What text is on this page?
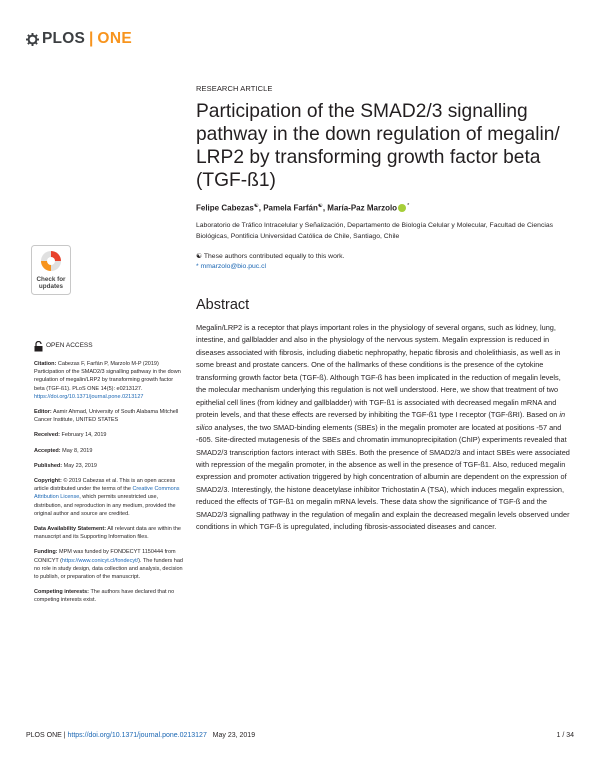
PLOS | ONE
RESEARCH ARTICLE
Participation of the SMAD2/3 signalling pathway in the down regulation of megalin/ LRP2 by transforming growth factor beta (TGF-ß1)
Felipe Cabezas☯, Pamela Farfán☯, María-Paz Marzolo *
Laboratorio de Tráfico Intracelular y Señalización, Departamento de Biología Celular y Molecular, Facultad de Ciencias Biológicas, Pontificia Universidad Católica de Chile, Santiago, Chile
☯ These authors contributed equally to this work.
* mmarzolo@bio.puc.cl
Abstract
Megalin/LRP2 is a receptor that plays important roles in the physiology of several organs, such as kidney, lung, intestine, and gallbladder and also in the physiology of the nervous system. Megalin expression is reduced in diseases associated with fibrosis, including diabetic nephropathy, hepatic fibrosis and cholelithiasis, as well as in some breast and prostate cancers. One of the hallmarks of these conditions is the presence of the cytokine transforming growth factor beta (TGF-ß). Although TGF-ß has been implicated in the reduction of megalin levels, the molecular mechanism underlying this regulation is not well understood. Here, we show that treatment of two epithelial cell lines (from kidney and gallbladder) with TGF-ß1 is associated with decreased megalin mRNA and protein levels, and that these effects are reversed by inhibiting the TGF-ß1 type I receptor (TGF-ßRI). Based on in silico analyses, the two SMAD-binding elements (SBEs) in the megalin promoter are located at positions -57 and -605. Site-directed mutagenesis of the SBEs and chromatin immunoprecipitation (ChIP) experiments revealed that SMAD2/3 transcription factors interact with SBEs. Both the presence of SMAD2/3 and intact SBEs were associated with repression of the megalin promoter, in the absence as well in the presence of TGF-ß1. Also, reduced megalin expression and promoter activation triggered by high concentration of albumin are dependent on the expression of SMAD2/3. Interestingly, the histone deacetylase inhibitor Trichostatin A (TSA), which induces megalin expression, reduced the effects of TGF-ß1 on megalin mRNA levels. These data show the significance of TGF-ß and the SMAD2/3 signalling pathway in the regulation of megalin and explain the decreased megalin levels observed under conditions in which TGF-ß is upregulated, including fibrosis-associated diseases and cancer.
Check for
updates
OPEN ACCESS
Citation: Cabezas F, Farfán P, Marzolo M-P (2019) Participation of the SMAD2/3 signalling pathway in the down regulation of megalin/LRP2 by transforming growth factor beta (TGF-ß1). PLoS ONE 14(5): e0213127. https://doi.org/10.1371/journal.pone.0213127
Editor: Aamir Ahmad, University of South Alabama Mitchell Cancer Institute, UNITED STATES
Received: February 14, 2019
Accepted: May 8, 2019
Published: May 23, 2019
Copyright: © 2019 Cabezas et al. This is an open access article distributed under the terms of the Creative Commons Attribution License, which permits unrestricted use, distribution, and reproduction in any medium, provided the original author and source are credited.
Data Availability Statement: All relevant data are within the manuscript and its Supporting Information files.
Funding: MPM was funded by FONDECYT 1150444 from CONICYT (https://www.conicyt.cl/fondecyt/). The funders had no role in study design, data collection and analysis, decision to publish, or preparation of the manuscript.
Competing interests: The authors have declared that no competing interests exist.
PLOS ONE | https://doi.org/10.1371/journal.pone.0213127 May 23, 2019	1 / 34
